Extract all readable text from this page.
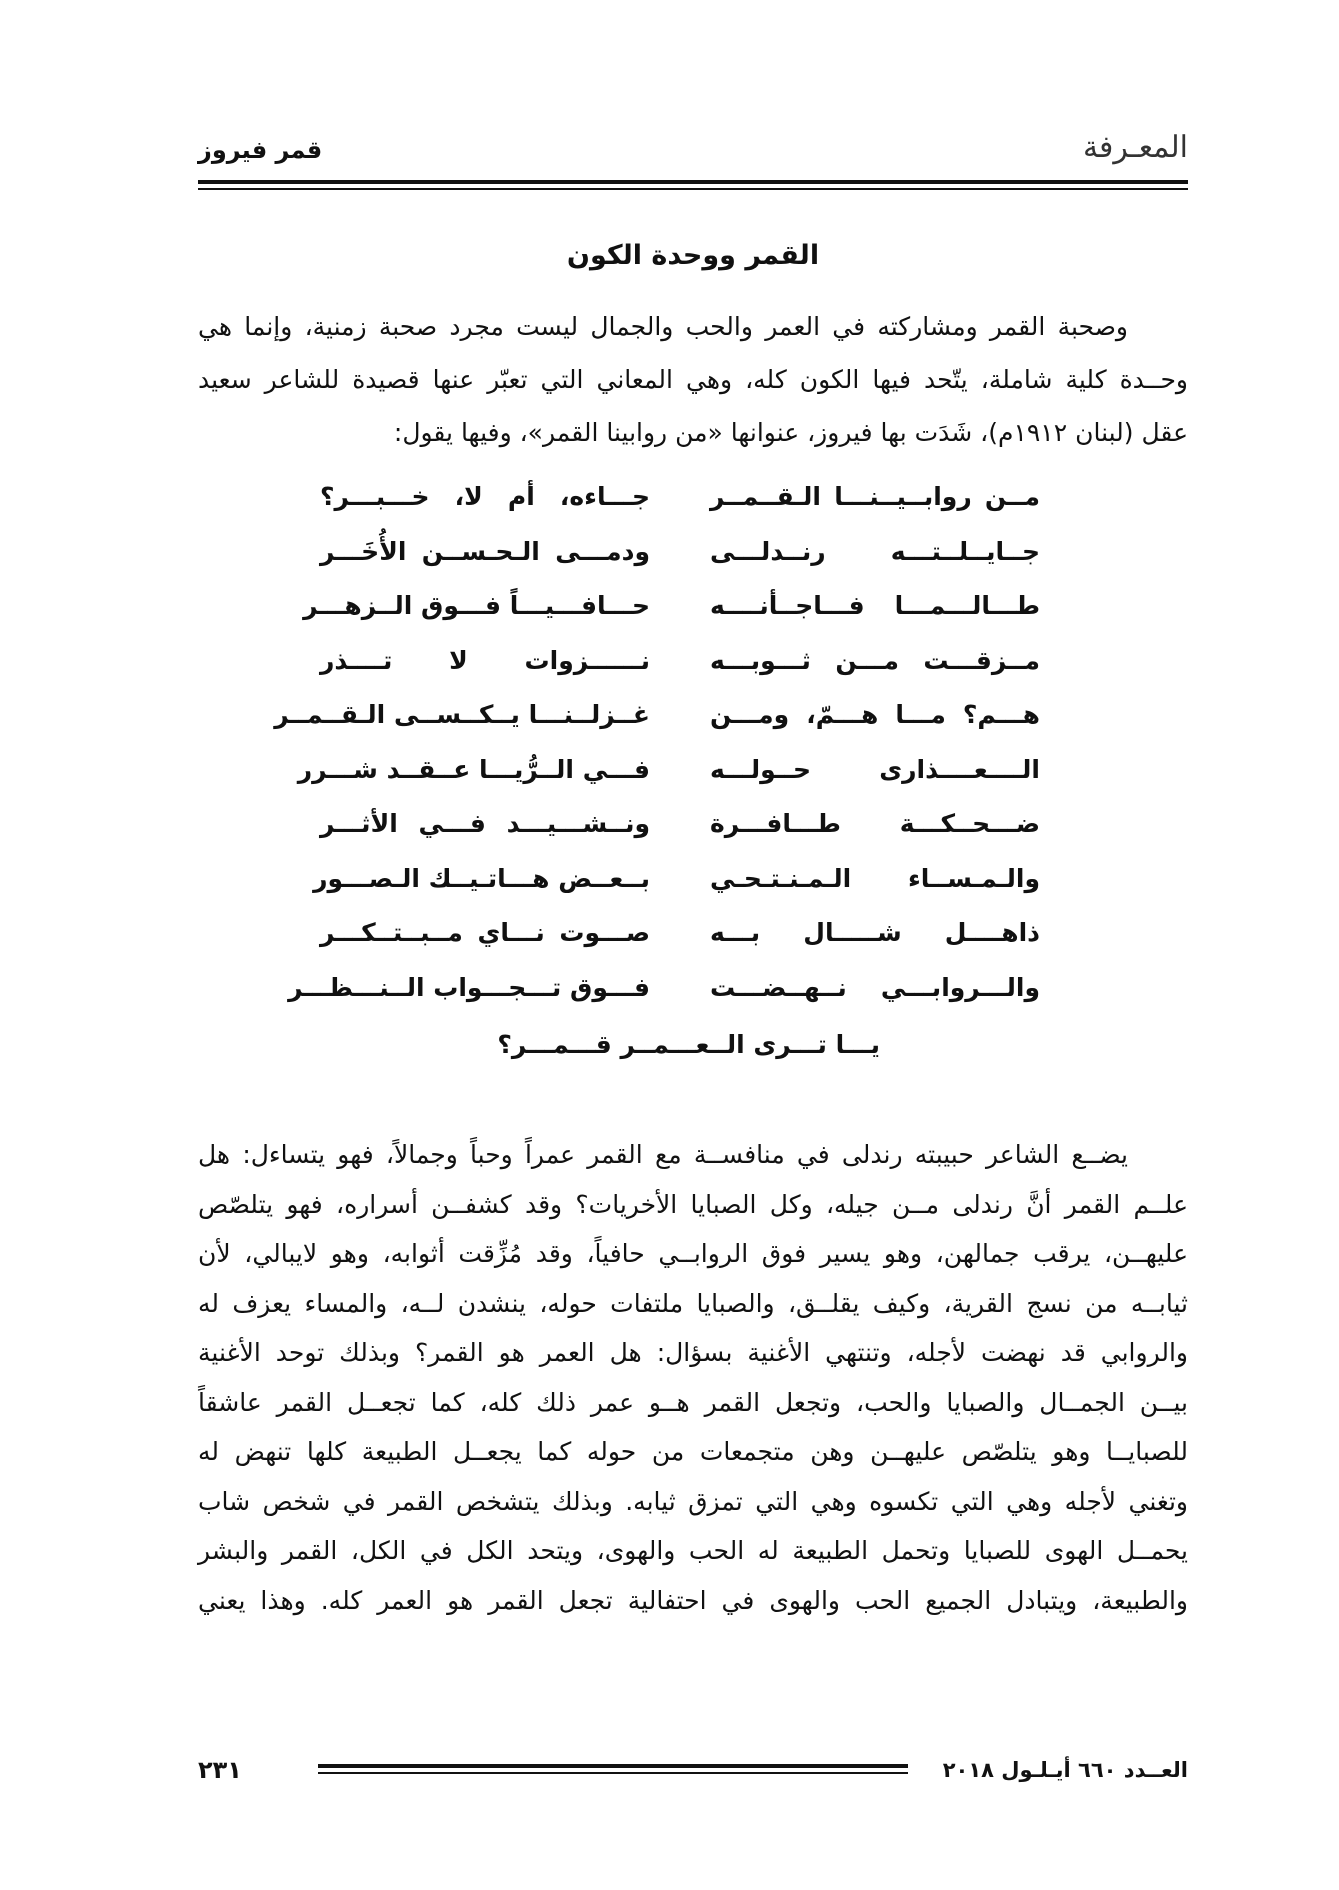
المعـرفة
قمر فيروز
القمر ووحدة الكون
وصحبة القمر ومشاركته في العمر والحب والجمال ليست مجرد صحبة زمنية، وإنما هي
وحــدة كلية شاملة، يتّحد فيها الكون كله، وهي المعاني التي تعبّر عنها قصيدة للشاعر سعيد
عقل (لبنان ١٩١٢م)، شَدَت بها فيروز، عنوانها «من روابينا القمر»، وفيها يقول:
مــن روابــيــنـــا الـقــمــر
جــايــلــتـــه رنــدلـــى
طـــالـــمـــا فـــاجــأنــــه
مــزقـــت مـــن ثـــوبـــه
هـــم؟ مـــا هـــمّ، ومـــن
الــــعــــذارى حــولـــه
ضـــحــكـــة طـــافـــرة
والـمـســاء الـمـنـتـحـي
ذاهــــل شـــــال بـــه
والـــروابـــي نــهــضـــت
جـــاءه، أم لا، خـــبـــر؟
ودمـــى الـحـســن الأُخَـــر
حـــافـــيـــاً فـــوق الــزهـــر
نــــــزوات لا تــــذر
غــزلــنـــا يــكــســى الـقــمــر
فـــي الــرُّيـــا عــقــد شـــرر
ونــشـــيـــد فـــي الأثـــر
بــعــض هـــاتـيــك الـصـــور
صـــوت نـــاي مــبــتــكـــر
فـــوق تـــجـــواب الــنـــظـــر
يـــا تـــرى الــعـــمــر قـــمـــر؟
يضــع الشاعر حبيبته رندلى في منافســة مع القمر عمراً وحباً وجمالاً، فهو يتساءل: هل
علــم القمر أنَّ رندلى مــن جيله، وكل الصبايا الأخريات؟ وقد كشفــن أسراره، فهو يتلصّص
عليهــن، يرقب جمالهن، وهو يسير فوق الروابــي حافياً، وقد مُزِّقت أثوابه، وهو لايبالي، لأن
ثيابــه من نسج القرية، وكيف يقلــق، والصبايا ملتفات حوله، ينشدن لــه، والمساء يعزف له
والروابي قد نهضت لأجله، وتنتهي الأغنية بسؤال: هل العمر هو القمر؟ وبذلك توحد الأغنية
بيــن الجمــال والصبايا والحب، وتجعل القمر هــو عمر ذلك كله، كما تجعــل القمر عاشقاً
للصبايــا وهو يتلصّص عليهــن وهن متجمعات من حوله كما يجعــل الطبيعة كلها تنهض له
وتغني لأجله وهي التي تكسوه وهي التي تمزق ثيابه. وبذلك يتشخص القمر في شخص شاب
يحمــل الهوى للصبايا وتحمل الطبيعة له الحب والهوى، ويتحد الكل في الكل، القمر والبشر
والطبيعة، ويتبادل الجميع الحب والهوى في احتفالية تجعل القمر هو العمر كله. وهذا يعني
العــدد ٦٦٠ أيـلـول ٢٠١٨
٢٣١
